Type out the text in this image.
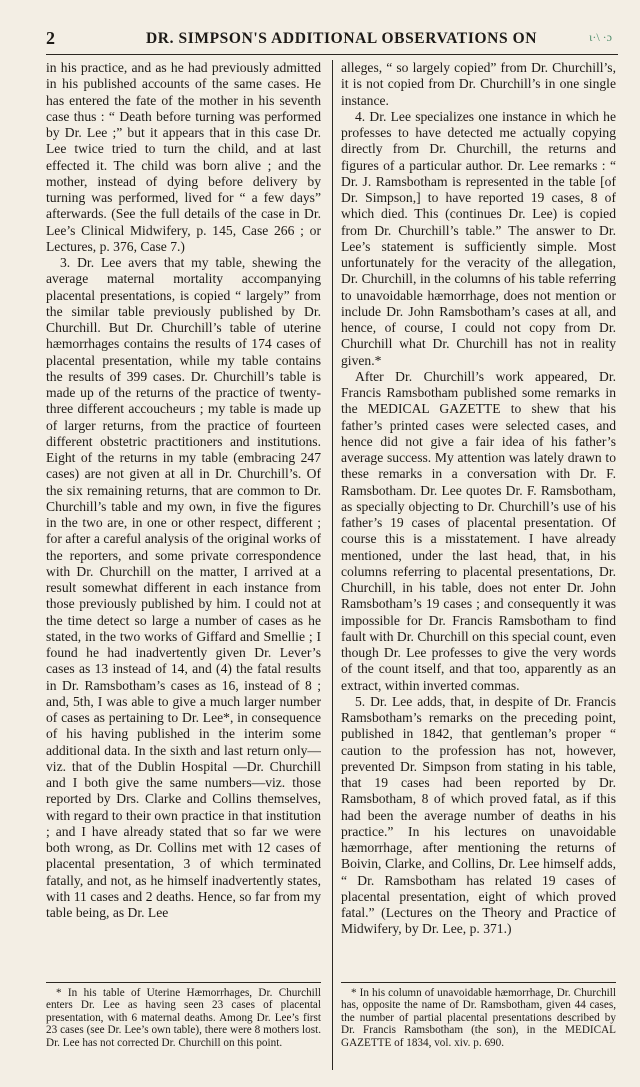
2	DR. SIMPSON'S ADDITIONAL OBSERVATIONS ON	ɩ·\ ·ɔ

in his practice, and as he had previously admitted in his published accounts of the same cases. He has entered the fate of the mother in his seventh case thus : “ Death before turning was performed by Dr. Lee ;” but it appears that in this case Dr. Lee twice tried to turn the child, and at last effected it. The child was born alive ; and the mother, instead of dying before delivery by turning was performed, lived for “ a few days” afterwards. (See the full details of the case in Dr. Lee’s Clinical Midwifery, p. 145, Case 266 ; or Lectures, p. 376, Case 7.)

3. Dr. Lee avers that my table, shewing the average maternal mortality accompanying placental presentations, is copied “ largely” from the similar table previously published by Dr. Churchill. But Dr. Churchill’s table of uterine hæmorrhages contains the results of 174 cases of placental presentation, while my table contains the results of 399 cases. Dr. Churchill’s table is made up of the returns of the practice of twenty-three different accoucheurs ; my table is made up of larger returns, from the practice of fourteen different obstetric practitioners and institutions. Eight of the returns in my table (embracing 247 cases) are not given at all in Dr. Churchill’s. Of the six remaining returns, that are common to Dr. Churchill’s table and my own, in five the figures in the two are, in one or other respect, different ; for after a careful analysis of the original works of the reporters, and some private correspondence with Dr. Churchill on the matter, I arrived at a result somewhat different in each instance from those previously published by him. I could not at the time detect so large a number of cases as he stated, in the two works of Giffard and Smellie ; I found he had inadvertently given Dr. Lever’s cases as 13 instead of 14, and (4) the fatal results in Dr. Ramsbotham’s cases as 16, instead of 8 ; and, 5th, I was able to give a much larger number of cases as pertaining to Dr. Lee*, in consequence of his having published in the interim some additional data. In the sixth and last return only—viz. that of the Dublin Hospital —Dr. Churchill and I both give the same numbers—viz. those reported by Drs. Clarke and Collins themselves, with regard to their own practice in that institution ; and I have already stated that so far we were both wrong, as Dr. Collins met with 12 cases of placental presentation, 3 of which terminated fatally, and not, as he himself inadvertently states, with 11 cases and 2 deaths. Hence, so far from my table being, as Dr. Lee

* In his table of Uterine Hæmorrhages, Dr. Churchill enters Dr. Lee as having seen 23 cases of placental presentation, with 6 maternal deaths. Among Dr. Lee’s first 23 cases (see Dr. Lee’s own table), there were 8 mothers lost. Dr. Lee has not corrected Dr. Churchill on this point.

alleges, “ so largely copied” from Dr. Churchill’s, it is not copied from Dr. Churchill’s in one single instance.

4. Dr. Lee specializes one instance in which he professes to have detected me actually copying directly from Dr. Churchill, the returns and figures of a particular author. Dr. Lee remarks : “ Dr. J. Ramsbotham is represented in the table [of Dr. Simpson,] to have reported 19 cases, 8 of which died. This (continues Dr. Lee) is copied from Dr. Churchill’s table.” The answer to Dr. Lee’s statement is sufficiently simple. Most unfortunately for the veracity of the allegation, Dr. Churchill, in the columns of his table referring to unavoidable hæmorrhage, does not mention or include Dr. John Ramsbotham’s cases at all, and hence, of course, I could not copy from Dr. Churchill what Dr. Churchill has not in reality given.*

After Dr. Churchill’s work appeared, Dr. Francis Ramsbotham published some remarks in the MEDICAL GAZETTE to shew that his father’s printed cases were selected cases, and hence did not give a fair idea of his father’s average success. My attention was lately drawn to these remarks in a conversation with Dr. F. Ramsbotham. Dr. Lee quotes Dr. F. Ramsbotham, as specially objecting to Dr. Churchill’s use of his father’s 19 cases of placental presentation. Of course this is a misstatement. I have already mentioned, under the last head, that, in his columns referring to placental presentations, Dr. Churchill, in his table, does not enter Dr. John Ramsbotham’s 19 cases ; and consequently it was impossible for Dr. Francis Ramsbotham to find fault with Dr. Churchill on this special count, even though Dr. Lee professes to give the very words of the count itself, and that too, apparently as an extract, within inverted commas.

5. Dr. Lee adds, that, in despite of Dr. Francis Ramsbotham’s remarks on the preceding point, published in 1842, that gentleman’s proper “ caution to the profession has not, however, prevented Dr. Simpson from stating in his table, that 19 cases had been reported by Dr. Ramsbotham, 8 of which proved fatal, as if this had been the average number of deaths in his practice.” In his lectures on unavoidable hæmorrhage, after mentioning the returns of Boivin, Clarke, and Collins, Dr. Lee himself adds, “ Dr. Ramsbotham has related 19 cases of placental presentation, eight of which proved fatal.” (Lectures on the Theory and Practice of Midwifery, by Dr. Lee, p. 371.)

* In his column of unavoidable hæmorrhage, Dr. Churchill has, opposite the name of Dr. Ramsbotham, given 44 cases, the number of partial placental presentations described by Dr. Francis Ramsbotham (the son), in the MEDICAL GAZETTE of 1834, vol. xiv. p. 690.
